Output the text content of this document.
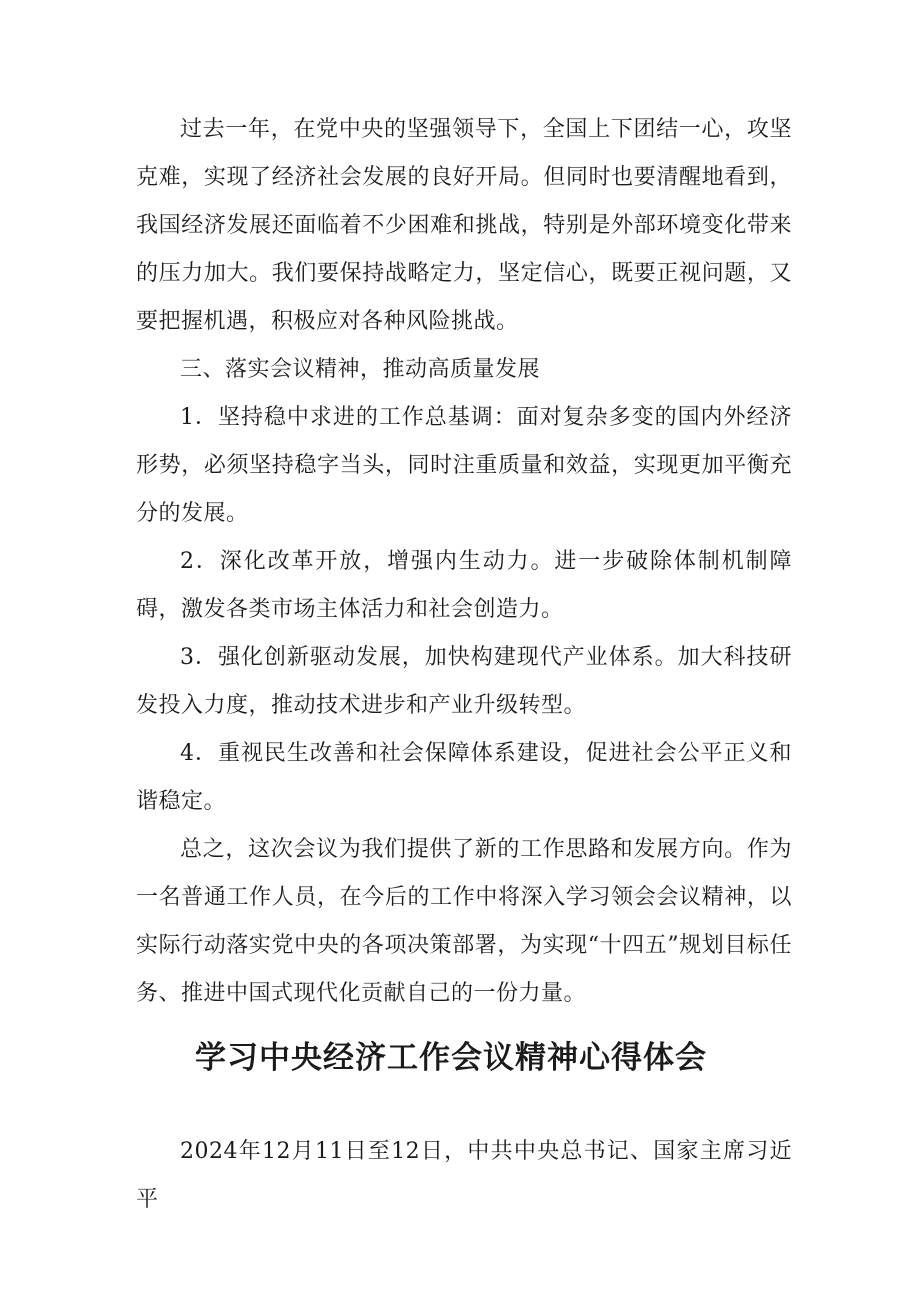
过去一年，在党中央的坚强领导下，全国上下团结一心，攻坚克难，实现了经济社会发展的良好开局。但同时也要清醒地看到，我国经济发展还面临着不少困难和挑战，特别是外部环境变化带来的压力加大。我们要保持战略定力，坚定信心，既要正视问题，又要把握机遇，积极应对各种风险挑战。

三、落实会议精神，推动高质量发展

1．坚持稳中求进的工作总基调：面对复杂多变的国内外经济形势，必须坚持稳字当头，同时注重质量和效益，实现更加平衡充分的发展。

2．深化改革开放，增强内生动力。进一步破除体制机制障碍，激发各类市场主体活力和社会创造力。

3．强化创新驱动发展，加快构建现代产业体系。加大科技研发投入力度，推动技术进步和产业升级转型。

4．重视民生改善和社会保障体系建设，促进社会公平正义和谐稳定。

总之，这次会议为我们提供了新的工作思路和发展方向。作为一名普通工作人员，在今后的工作中将深入学习领会会议精神，以实际行动落实党中央的各项决策部署，为实现“十四五”规划目标任务、推进中国式现代化贡献自己的一份力量。

学习中央经济工作会议精神心得体会

2024年12月11日至12日，中共中央总书记、国家主席习近平
